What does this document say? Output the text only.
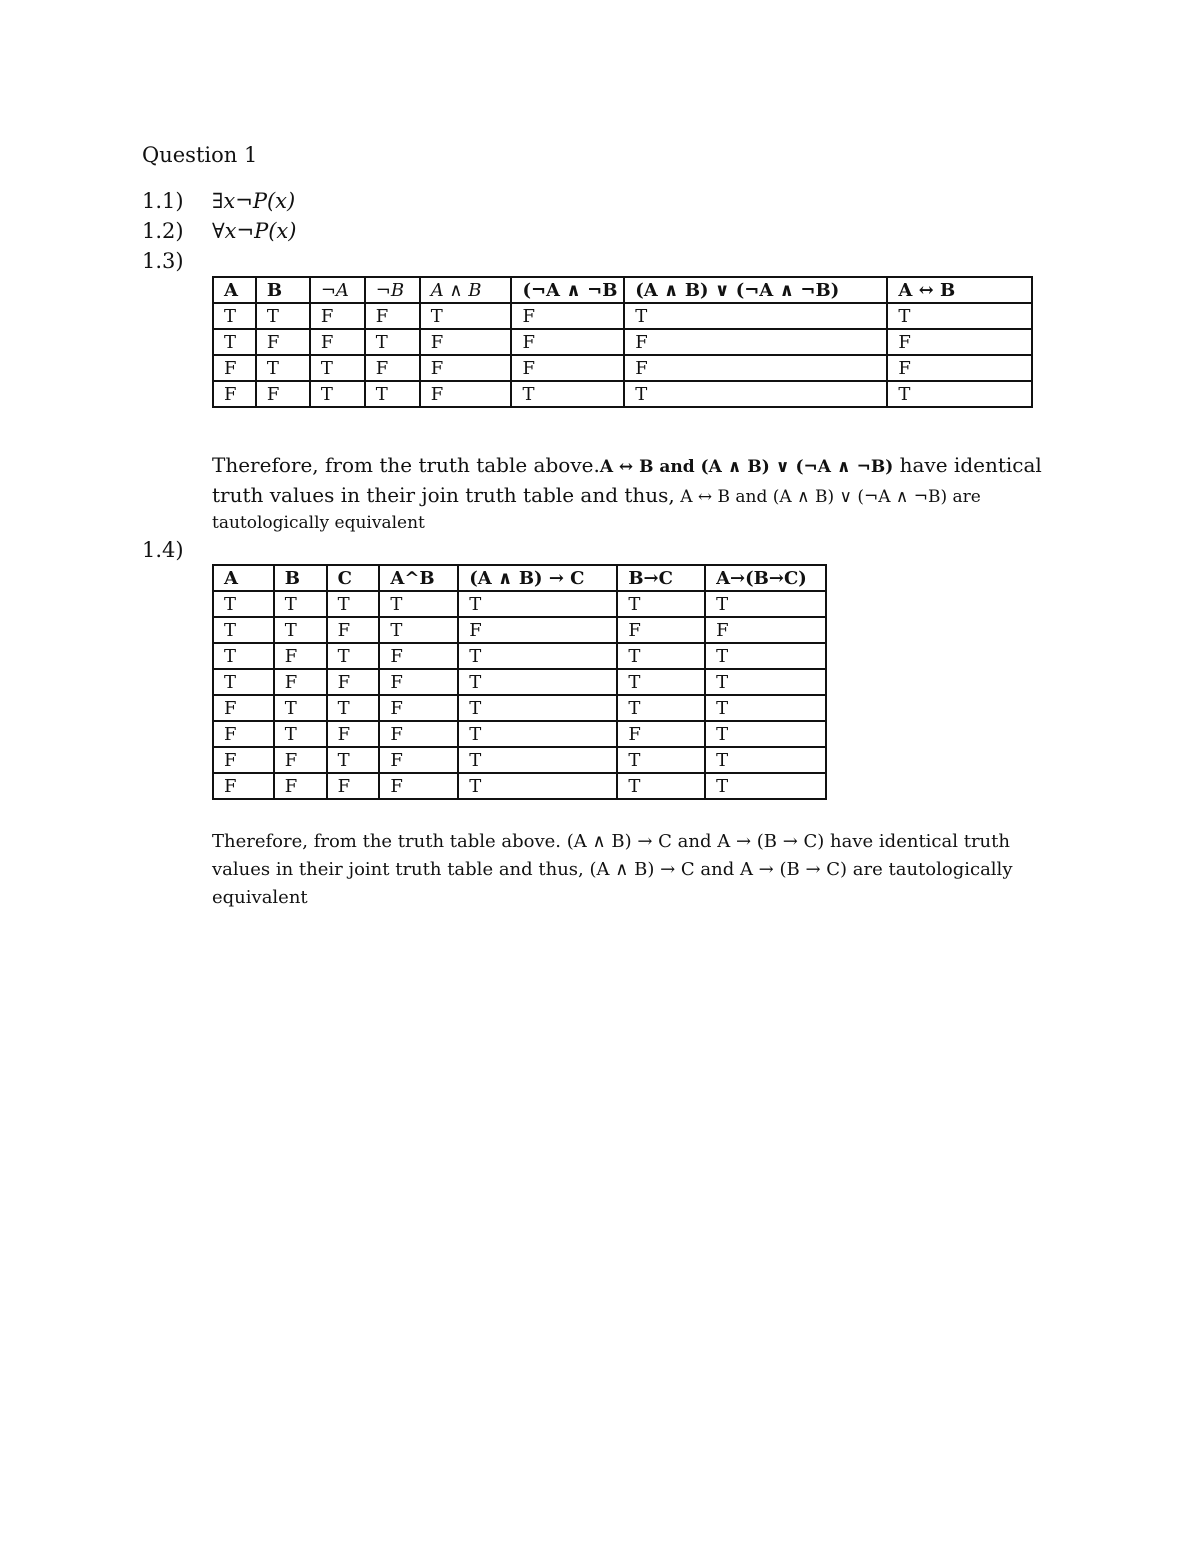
Question 1
1.1) ∃x¬P(x)
1.2) ∀x¬P(x)
1.3)
A	B	¬A	¬B	A ∧ B	(¬A ∧ ¬B	(A ∧ B) ∨ (¬A ∧ ¬B)	A ↔ B
T	T	F	F	T	F	T	T
T	F	F	T	F	F	F	F
F	T	T	F	F	F	F	F
F	F	T	T	F	T	T	T
Therefore, from the truth table above.A ↔ B and (A ∧ B) ∨ (¬A ∧ ¬B) have identical
truth values in their join truth table and thus, A ↔ B and (A ∧ B) ∨ (¬A ∧ ¬B) are
tautologically equivalent
1.4)
A	B	C	A^B	(A ∧ B) → C	B→C	A→(B→C)
T	T	T	T	T	T	T
T	T	F	T	F	F	F
T	F	T	F	T	T	T
T	F	F	F	T	T	T
F	T	T	F	T	T	T
F	T	F	F	T	F	T
F	F	T	F	T	T	T
F	F	F	F	T	T	T
Therefore, from the truth table above. (A ∧ B) → C and A → (B → C) have identical truth
values in their joint truth table and thus, (A ∧ B) → C and A → (B → C) are tautologically
equivalent
